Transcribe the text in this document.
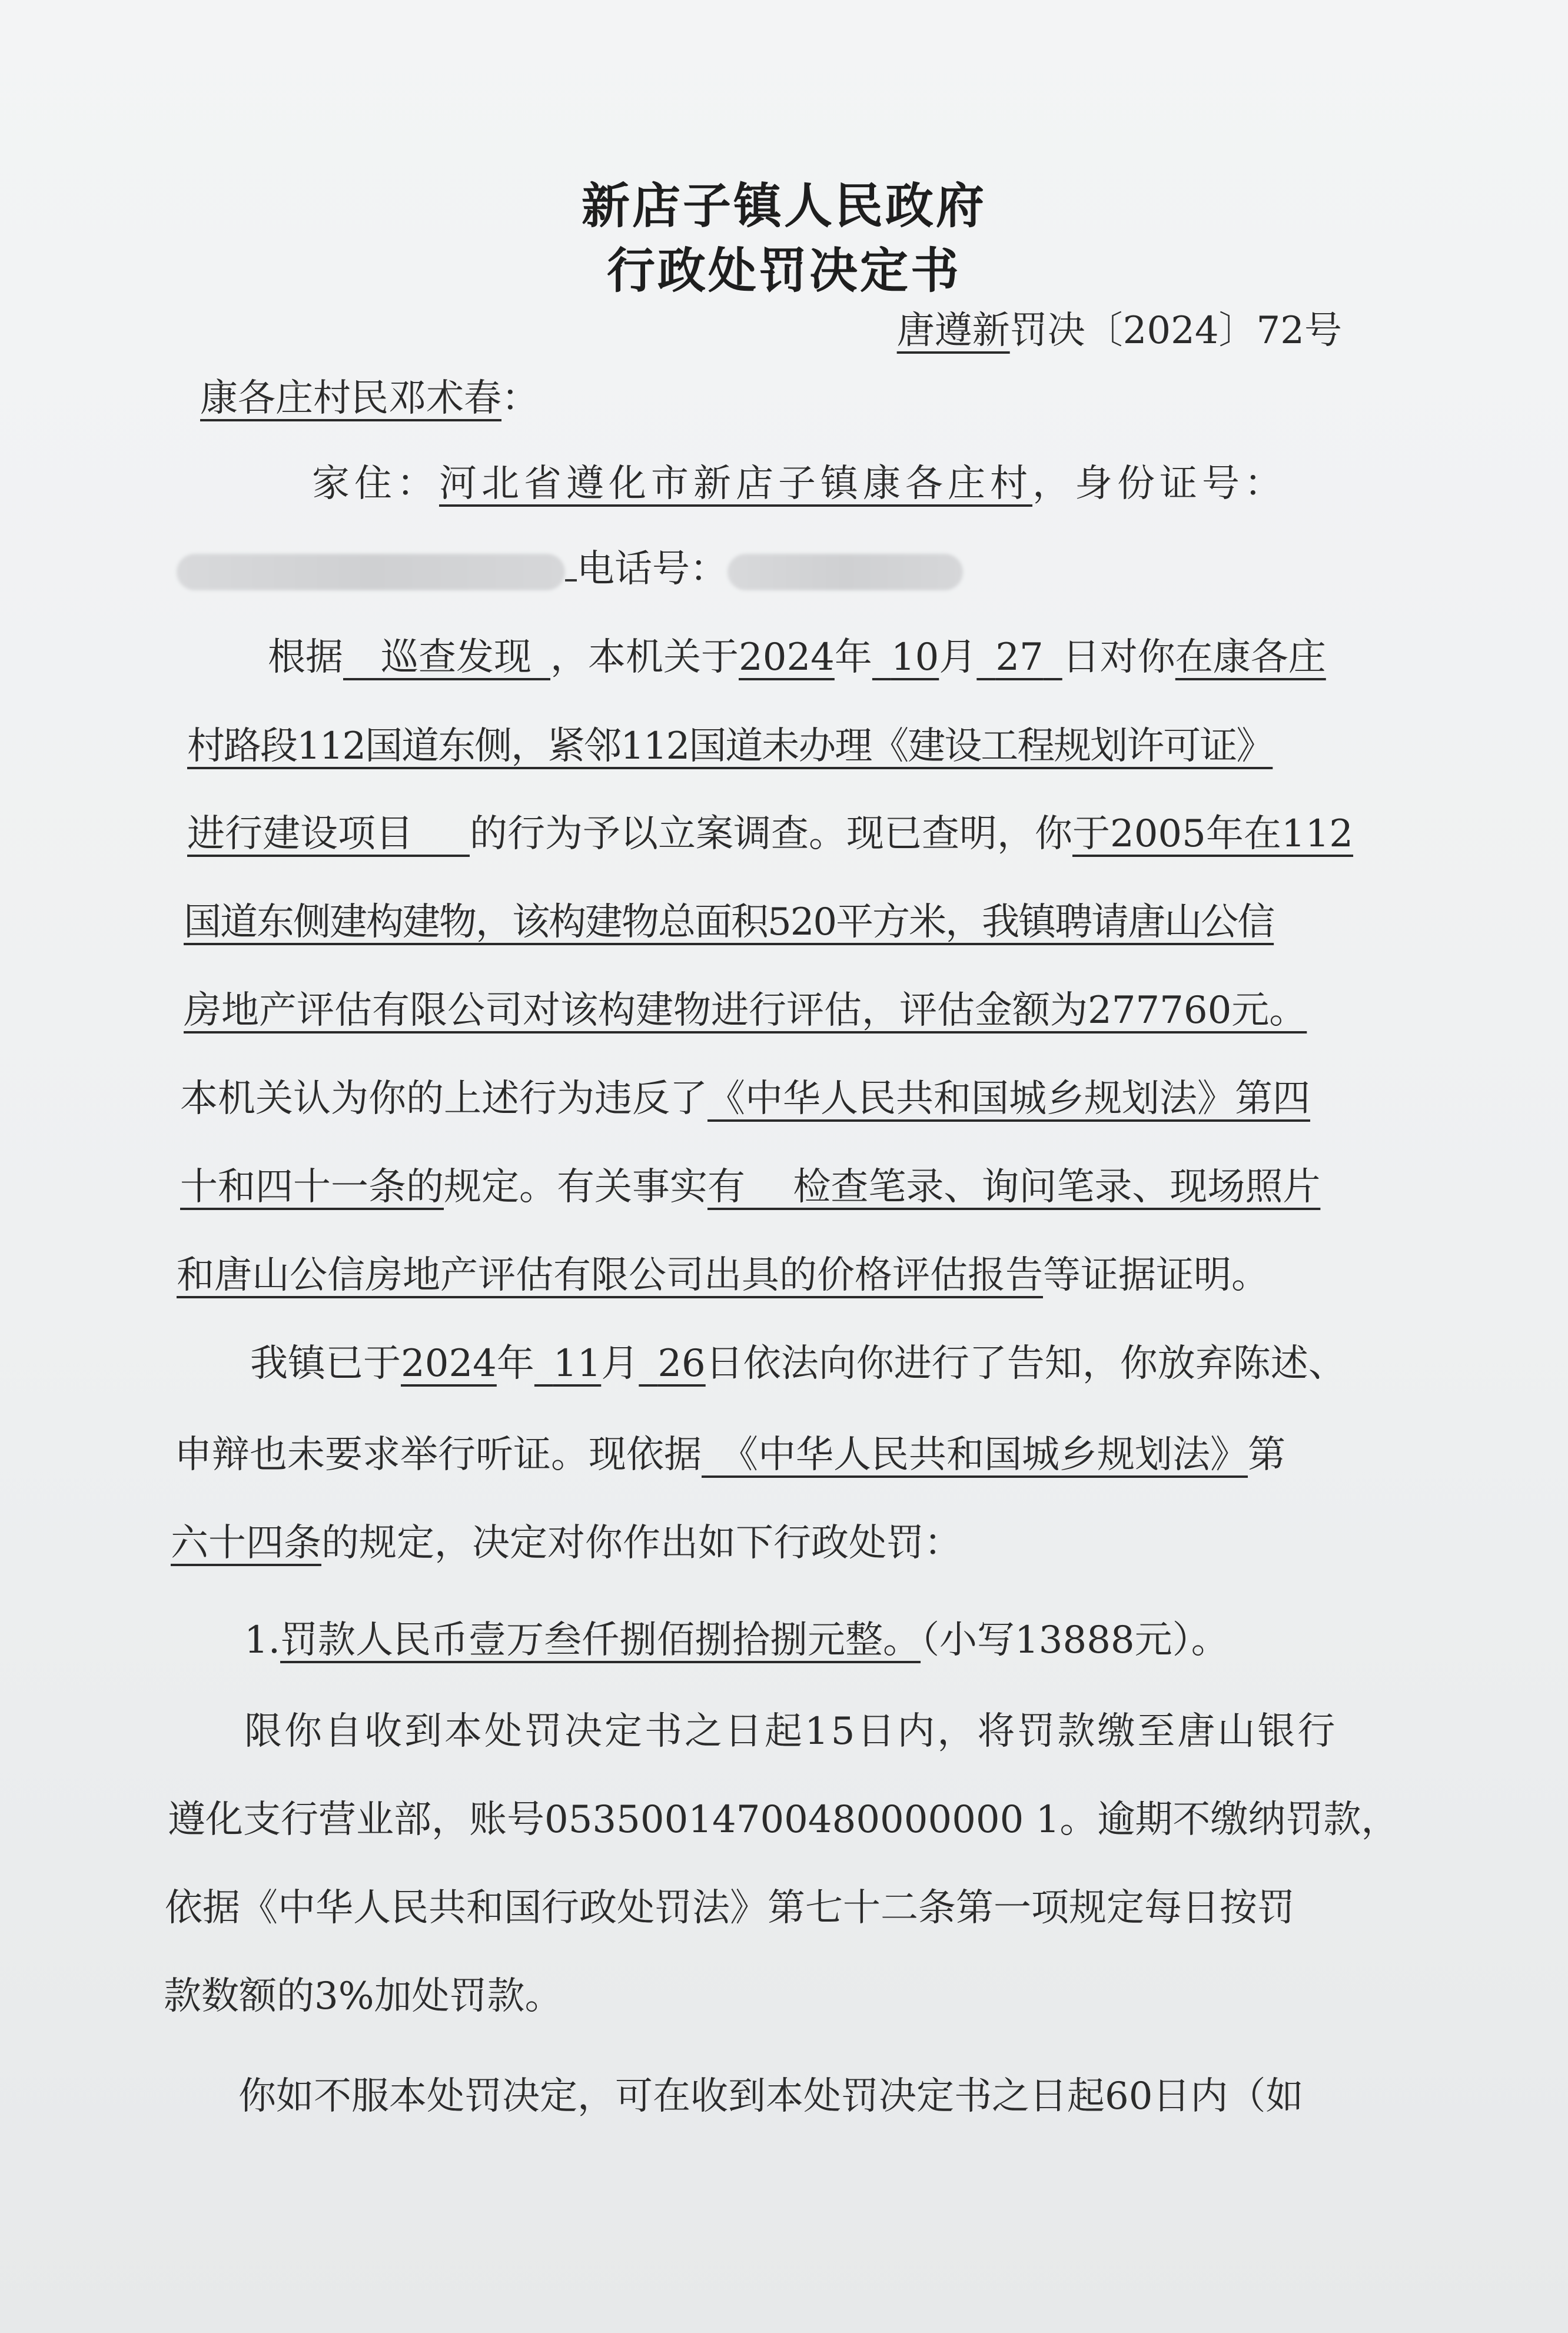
新店子镇人民政府
行政处罚决定书
唐遵新罚决〔2024〕72号
康各庄村民邓术春：
家住：河北省遵化市新店子镇康各庄村，身份证号：
电话号：
根据   巡查发现  ，本机关于2024年  10月  27  日对你在康各庄
村路段112国道东侧，紧邻112国道未办理《建设工程规划许可证》
进行建设项目    的行为予以立案调查。现已查明，你于2005年在112
国道东侧建构建物，该构建物总面积520平方米，我镇聘请唐山公信
房地产评估有限公司对该构建物进行评估，评估金额为277760元。
本机关认为你的上述行为违反了《中华人民共和国城乡规划法》第四
十和四十一条的规定。有关事实有    检查笔录、询问笔录、现场照片
和唐山公信房地产评估有限公司出具的价格评估报告等证据证明。
我镇已于2024年  11月  26日依法向你进行了告知，你放弃陈述、
申辩也未要求举行听证。现依据  《中华人民共和国城乡规划法》第
六十四条的规定，决定对你作出如下行政处罚：
1.罚款人民币壹万叁仟捌佰捌拾捌元整。（小写13888元）。
限你自收到本处罚决定书之日起15日内，将罚款缴至唐山银行
遵化支行营业部，账号05350014700480000000 1。逾期不缴纳罚款，
依据《中华人民共和国行政处罚法》第七十二条第一项规定每日按罚
款数额的3%加处罚款。
你如不服本处罚决定，可在收到本处罚决定书之日起60日内（如
